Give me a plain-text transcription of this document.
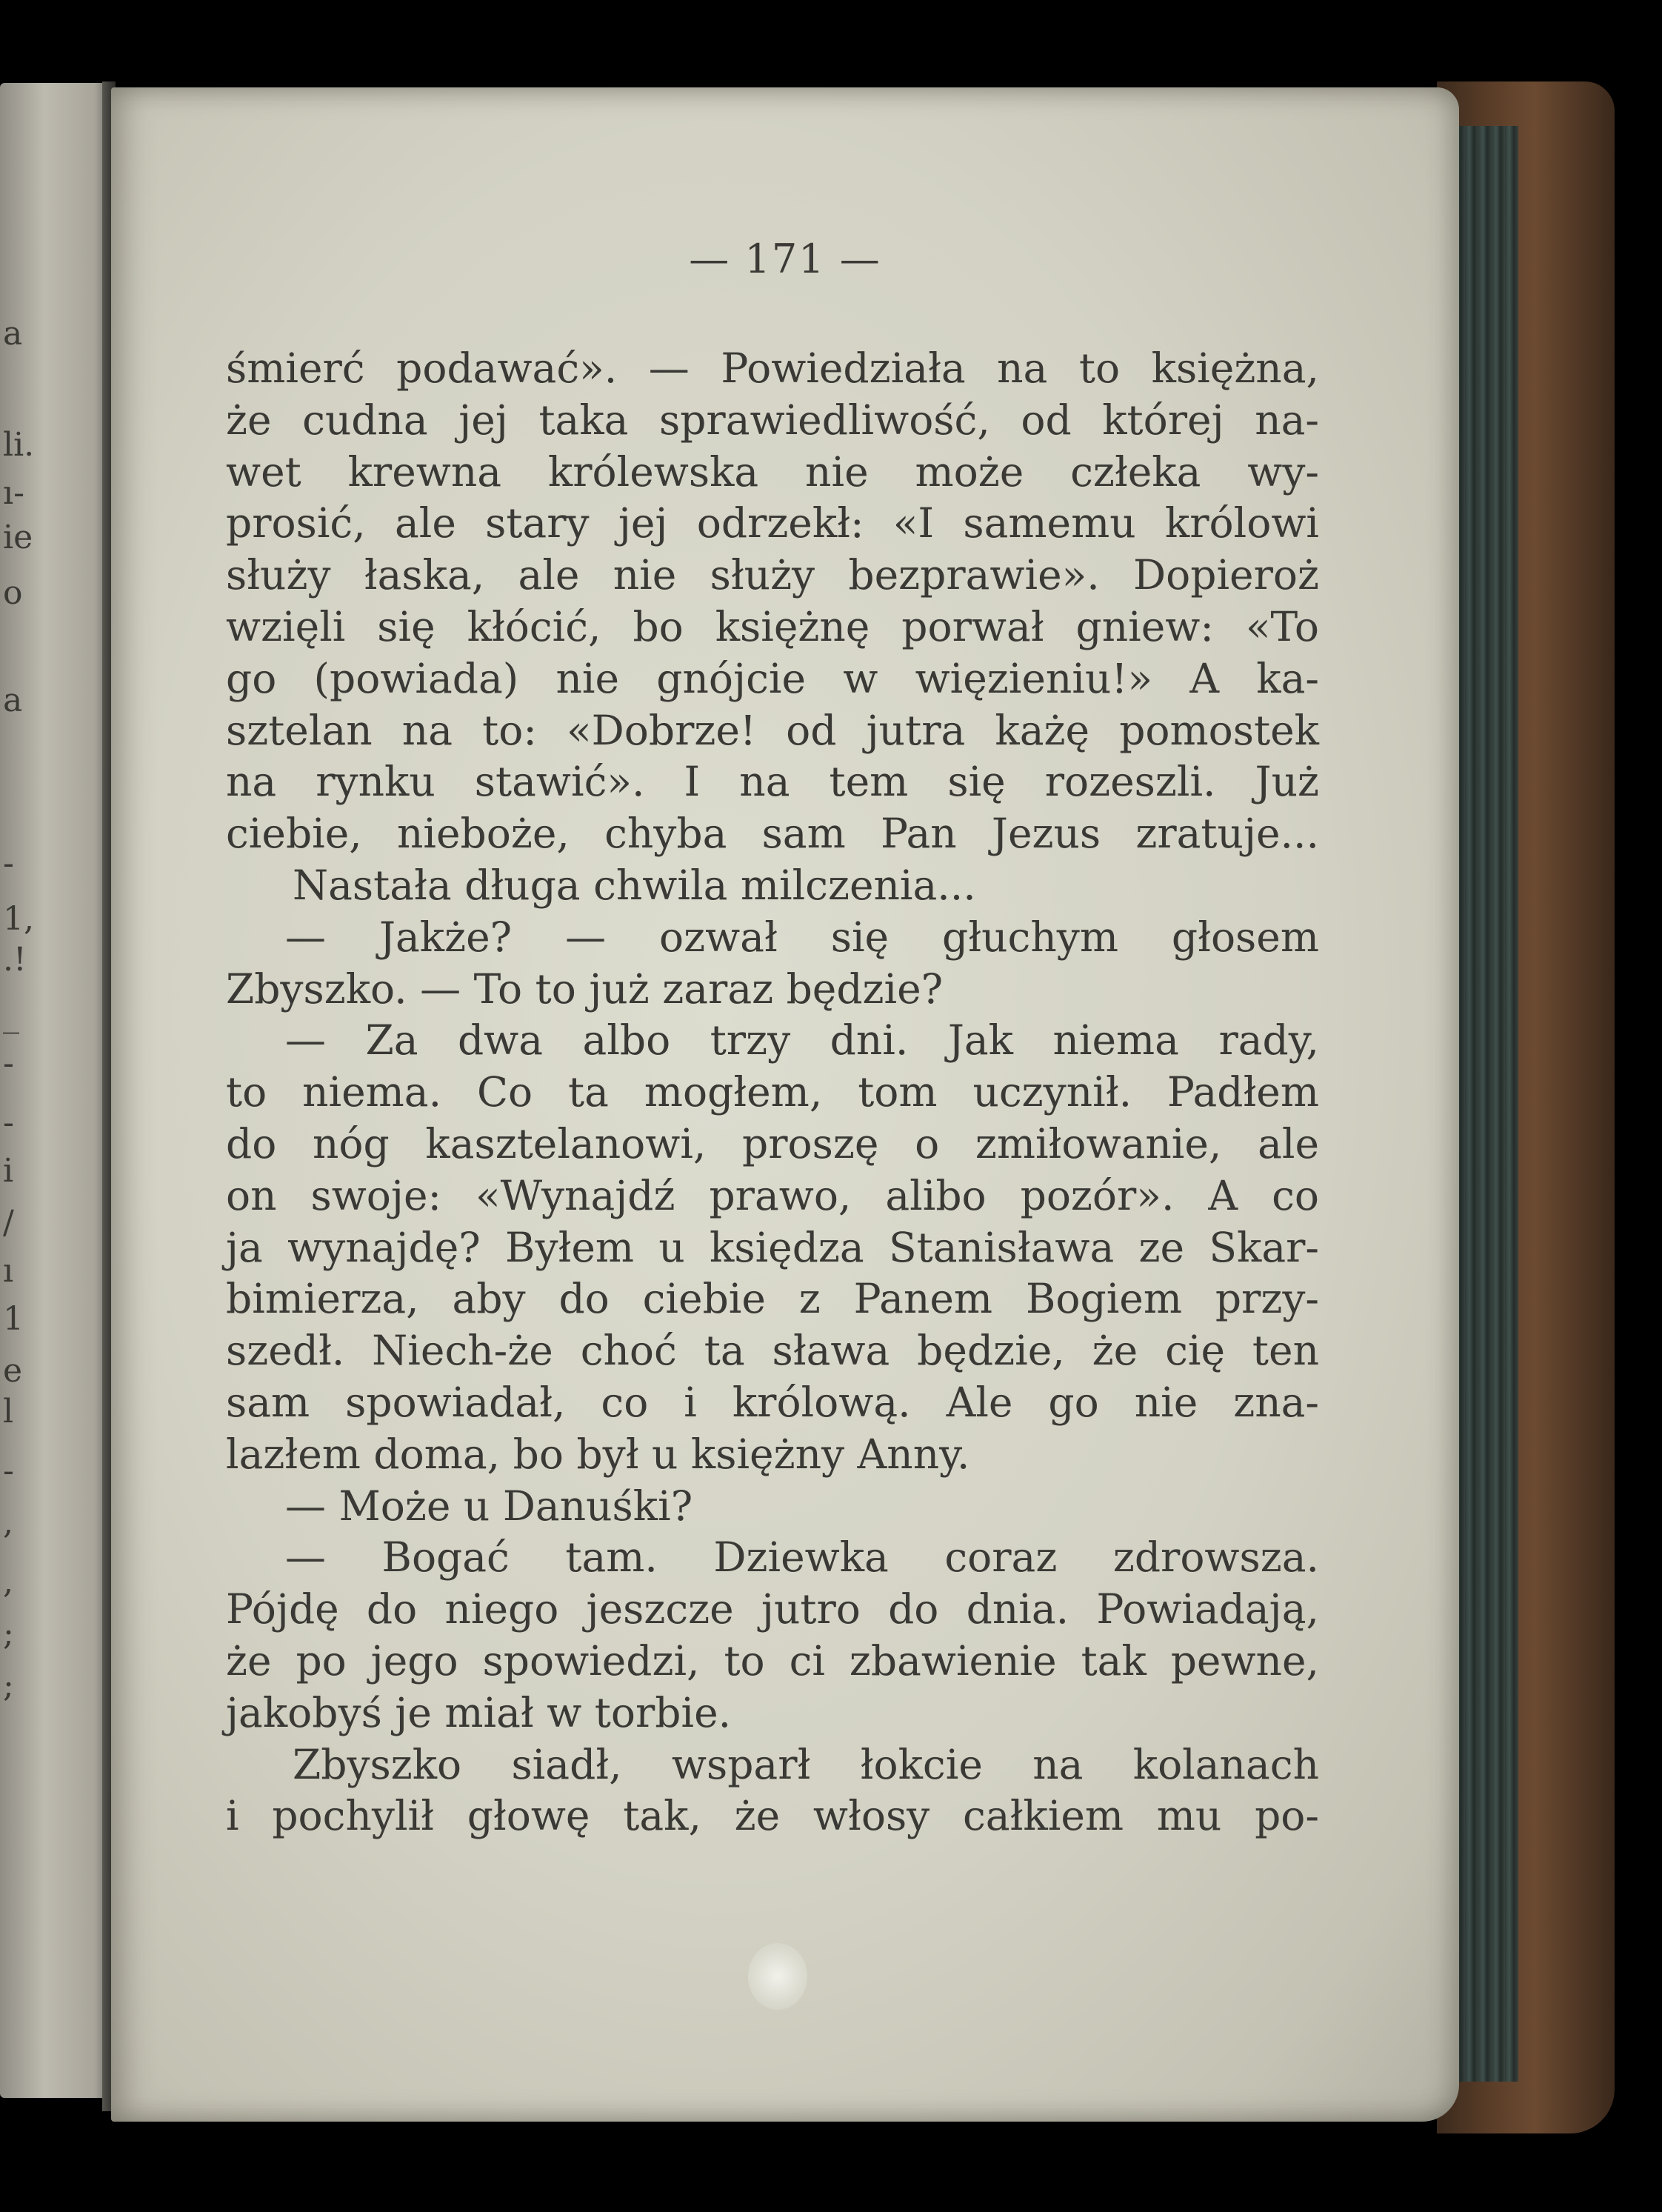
a
li.
ı-
ie
o
a
-
1,
.!
_
-
-
i
/
ı
1
e
l
-
,
,
;
;
— 171 —
śmierć podawać». — Powiedziała na to księżna,
że cudna jej taka sprawiedliwość, od której na-
wet krewna królewska nie może człeka wy-
prosić, ale stary jej odrzekł: «I samemu królowi
służy łaska, ale nie służy bezprawie». Dopieroż
wzięli się kłócić, bo księżnę porwał gniew: «To
go (powiada) nie gnójcie w więzieniu!» A ka-
sztelan na to: «Dobrze! od jutra każę pomostek
na rynku stawić». I na tem się rozeszli. Już
ciebie, nieboże, chyba sam Pan Jezus zratuje...
Nastała długa chwila milczenia...
— Jakże? — ozwał się głuchym głosem
Zbyszko. — To to już zaraz będzie?
— Za dwa albo trzy dni. Jak niema rady,
to niema. Co ta mogłem, tom uczynił. Padłem
do nóg kasztelanowi, proszę o zmiłowanie, ale
on swoje: «Wynajdź prawo, alibo pozór». A co
ja wynajdę? Byłem u księdza Stanisława ze Skar-
bimierza, aby do ciebie z Panem Bogiem przy-
szedł. Niech-że choć ta sława będzie, że cię ten
sam spowiadał, co i królową. Ale go nie zna-
lazłem doma, bo był u księżny Anny.
— Może u Danuśki?
— Bogać tam. Dziewka coraz zdrowsza.
Pójdę do niego jeszcze jutro do dnia. Powiadają,
że po jego spowiedzi, to ci zbawienie tak pewne,
jakobyś je miał w torbie.
Zbyszko siadł, wsparł łokcie na kolanach
i pochylił głowę tak, że włosy całkiem mu po-
